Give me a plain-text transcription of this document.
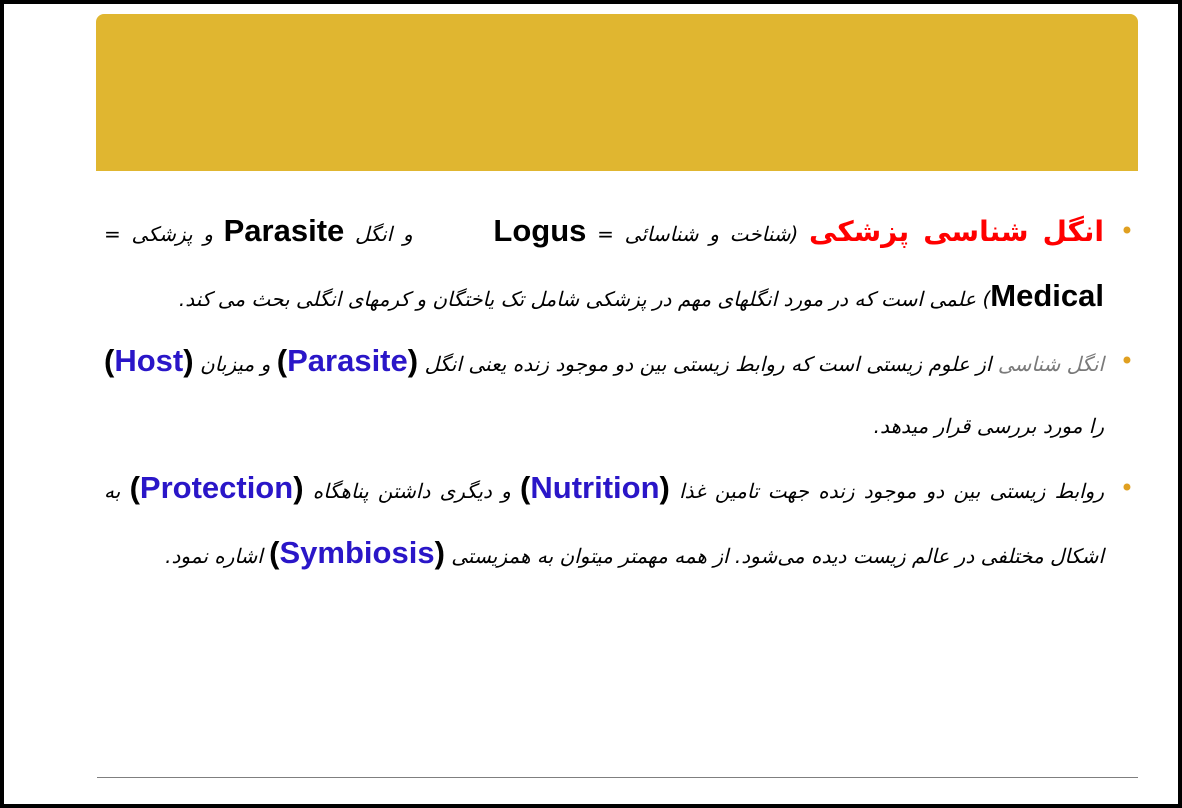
•
انگل شناسی پزشکی (شناخت و شناسائی = Logus و انگل Parasite و پزشکی = Medical) علمی است که در مورد انگلهای مهم در پزشکی شامل تک یاختگان و کرمهای انگلی بحث می کند.

•
انگل شناسی از علوم زیستی است که روابط زیستی بین دو موجود زنده یعنی انگل (Parasite) و میزبان (Host) را مورد بررسی قرار میدهد.

•
روابط زیستی بین دو موجود زنده جهت تامین غذا (Nutrition) و دیگری داشتن پناهگاه (Protection) به اشکال مختلفی در عالم زیست دیده می‌شود. از همه مهمتر میتوان به همزیستی (Symbiosis) اشاره نمود.
